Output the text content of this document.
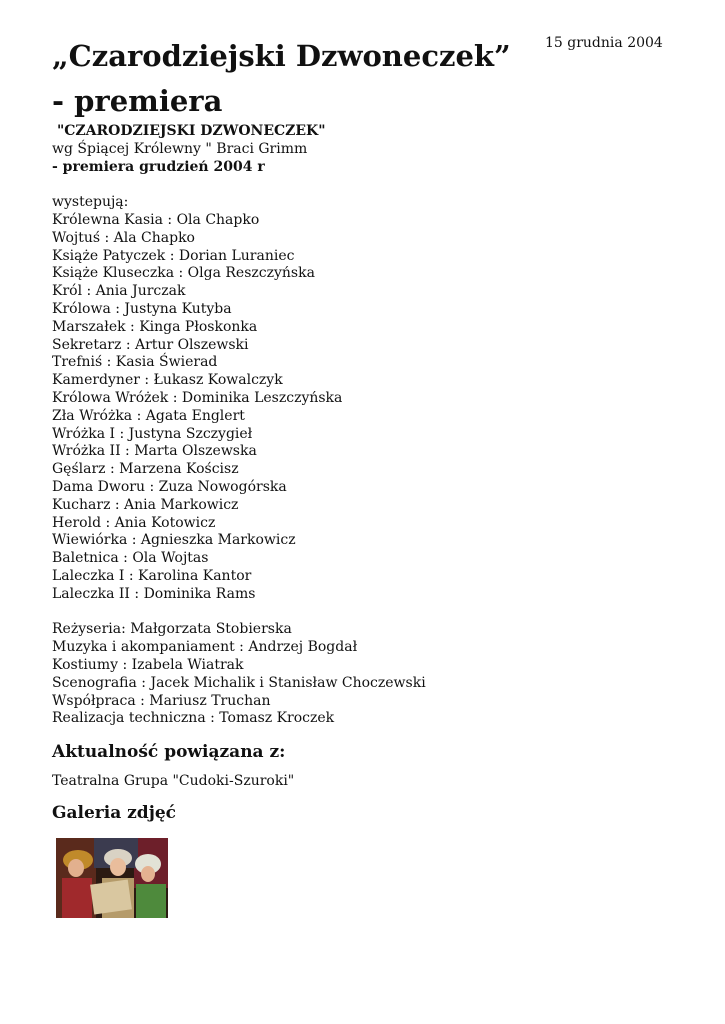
15 grudnia 2004
„Czarodziejski Dzwoneczek” - premiera
"CZARODZIEJSKI DZWONECZEK"
wg Śpiącej Królewny " Braci Grimm
- premiera grudzień 2004 r
wystepują:
Królewna Kasia : Ola Chapko
Wojtuś : Ala Chapko
Książe Patyczek : Dorian Luraniec
Książe Kluseczka : Olga Reszczyńska
Król : Ania Jurczak
Królowa : Justyna Kutyba
Marszałek : Kinga Płoskonka
Sekretarz : Artur Olszewski
Trefniś : Kasia Świerad
Kamerdyner : Łukasz Kowalczyk
Królowa Wróżek : Dominika Leszczyńska
Zła Wróżka : Agata Englert
Wróżka I : Justyna Szczygieł
Wróżka II : Marta Olszewska
Gęślarz : Marzena Kościsz
Dama Dworu : Zuza Nowogórska
Kucharz : Ania Markowicz
Herold : Ania Kotowicz
Wiewiórka : Agnieszka Markowicz
Baletnica : Ola Wojtas
Laleczka I : Karolina Kantor
Laleczka II : Dominika Rams
Reżyseria: Małgorzata Stobierska
Muzyka i akompaniament : Andrzej Bogdał
Kostiumy : Izabela Wiatrak
Scenografia : Jacek Michalik i Stanisław Choczewski
Współpraca : Mariusz Truchan
Realizacja techniczna : Tomasz Kroczek
Aktualność powiązana z:
Teatralna Grupa "Cudoki-Szuroki"
Galeria zdjęć
